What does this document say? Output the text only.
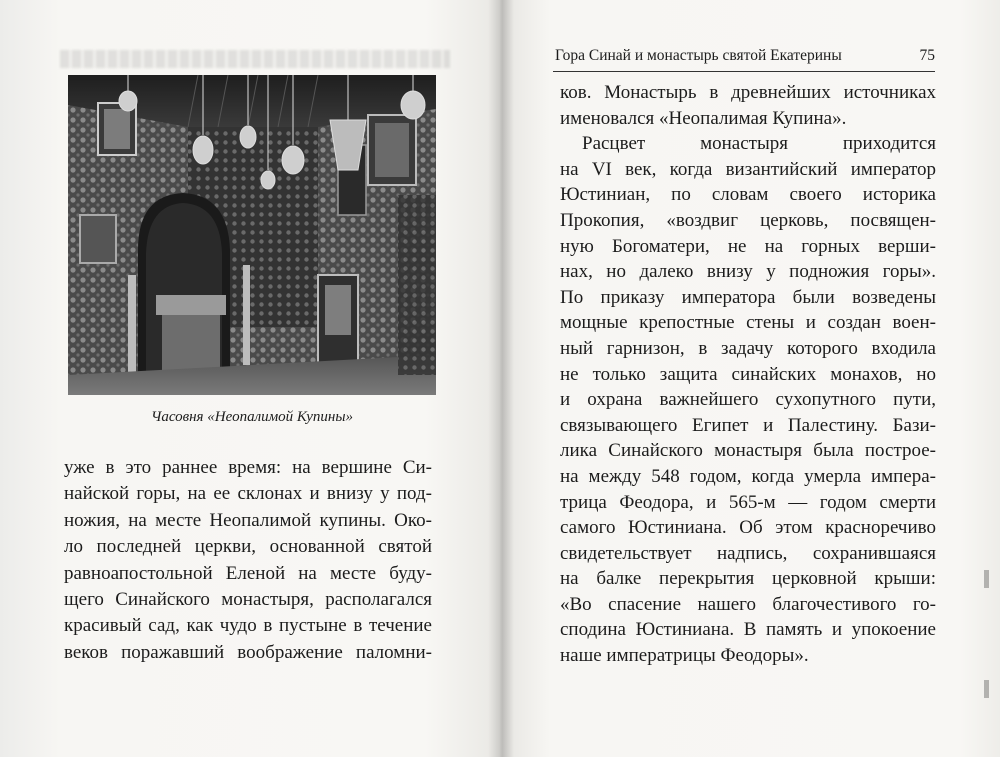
Часовня «Неопалимой Купины»
уже в это раннее время: на вершине Си-
найской горы, на ее склонах и внизу у под-
ножия, на месте Неопалимой купины. Око-
ло последней церкви, основанной святой
равноапостольной Еленой на месте буду-
щего Синайского монастыря, располагался
красивый сад, как чудо в пустыне в течение
веков поражавший воображение паломни-
Гора Синай и монастырь святой Екатерины	75
ков. Монастырь в древнейших источниках
именовался «Неопалимая Купина».
Расцвет монастыря приходится
на VI век, когда византийский император
Юстиниан, по словам своего историка
Прокопия, «воздвиг церковь, посвящен-
ную Богоматери, не на горных верши-
нах, но далеко внизу у подножия горы».
По приказу императора были возведены
мощные крепостные стены и создан воен-
ный гарнизон, в задачу которого входила
не только защита синайских монахов, но
и охрана важнейшего сухопутного пути,
связывающего Египет и Палестину. Бази-
лика Синайского монастыря была построе-
на между 548 годом, когда умерла импера-
трица Феодора, и 565-м — годом смерти
самого Юстиниана. Об этом красноречиво
свидетельствует надпись, сохранившаяся
на балке перекрытия церковной крыши:
«Во спасение нашего благочестивого го-
сподина Юстиниана. В память и упокоение
наше императрицы Феодоры».
